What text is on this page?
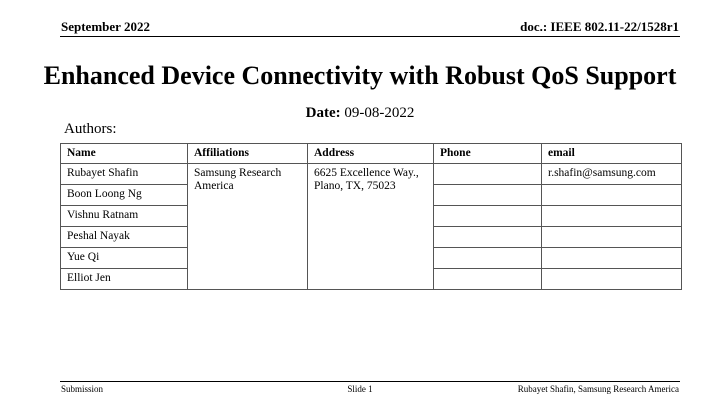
September 2022	doc.: IEEE 802.11-22/1528r1
Enhanced Device Connectivity with Robust QoS Support
Date: 09-08-2022
Authors:
Name	Affiliations	Address	Phone	email
Rubayet Shafin	Samsung Research America	6625 Excellence Way., Plano, TX, 75023		r.shafin@samsung.com
Boon Loong Ng				
Vishnu Ratnam				
Peshal Nayak				
Yue Qi				
Elliot Jen				
Submission	Slide 1	Rubayet Shafin, Samsung Research America
